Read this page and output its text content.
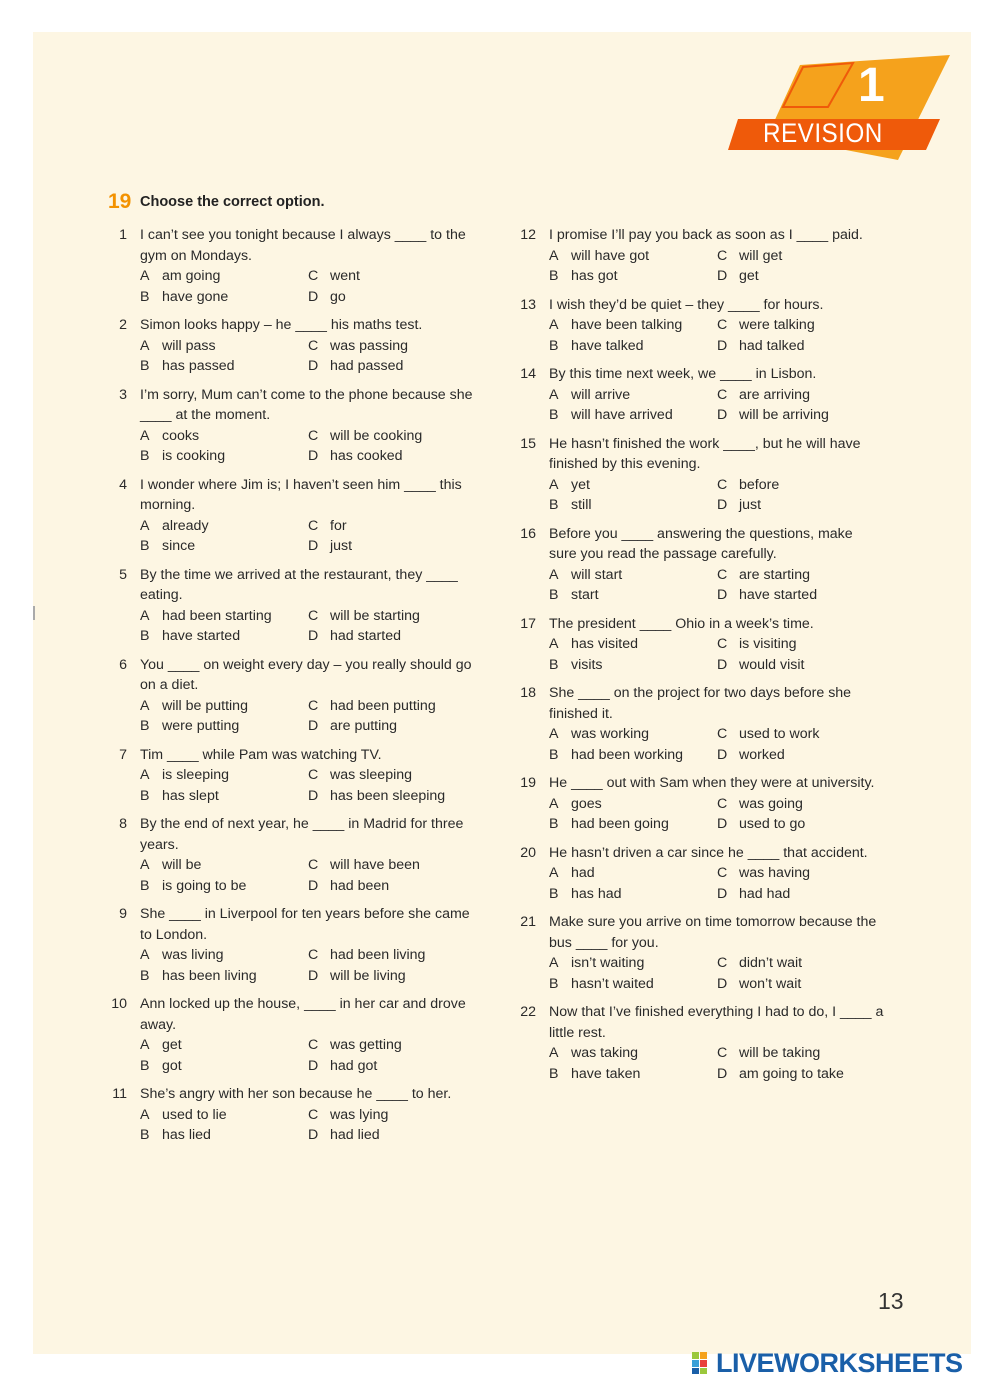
1
REVISION
19 Choose the correct option.
1 I can’t see you tonight because I always ____ to the gym on Mondays.
A am going	C went
B have gone	D go
2 Simon looks happy – he ____ his maths test.
A will pass	C was passing
B has passed	D had passed
3 I’m sorry, Mum can’t come to the phone because she ____ at the moment.
A cooks	C will be cooking
B is cooking	D has cooked
4 I wonder where Jim is; I haven’t seen him ____ this morning.
A already	C for
B since	D just
5 By the time we arrived at the restaurant, they ____ eating.
A had been starting	C will be starting
B have started	D had started
6 You ____ on weight every day – you really should go on a diet.
A will be putting	C had been putting
B were putting	D are putting
7 Tim ____ while Pam was watching TV.
A is sleeping	C was sleeping
B has slept	D has been sleeping
8 By the end of next year, he ____ in Madrid for three years.
A will be	C will have been
B is going to be	D had been
9 She ____ in Liverpool for ten years before she came to London.
A was living	C had been living
B has been living	D will be living
10 Ann locked up the house, ____ in her car and drove away.
A get	C was getting
B got	D had got
11 She’s angry with her son because he ____ to her.
A used to lie	C was lying
B has lied	D had lied
12 I promise I’ll pay you back as soon as I ____ paid.
A will have got	C will get
B has got	D get
13 I wish they’d be quiet – they ____ for hours.
A have been talking	C were talking
B have talked	D had talked
14 By this time next week, we ____ in Lisbon.
A will arrive	C are arriving
B will have arrived	D will be arriving
15 He hasn’t finished the work ____, but he will have finished by this evening.
A yet	C before
B still	D just
16 Before you ____ answering the questions, make sure you read the passage carefully.
A will start	C are starting
B start	D have started
17 The president ____ Ohio in a week’s time.
A has visited	C is visiting
B visits	D would visit
18 She ____ on the project for two days before she finished it.
A was working	C used to work
B had been working	D worked
19 He ____ out with Sam when they were at university.
A goes	C was going
B had been going	D used to go
20 He hasn’t driven a car since he ____ that accident.
A had	C was having
B has had	D had had
21 Make sure you arrive on time tomorrow because the bus ____ for you.
A isn’t waiting	C didn’t wait
B hasn’t waited	D won’t wait
22 Now that I’ve finished everything I had to do, I ____ a little rest.
A was taking	C will be taking
B have taken	D am going to take
13
LIVEWORKSHEETS
